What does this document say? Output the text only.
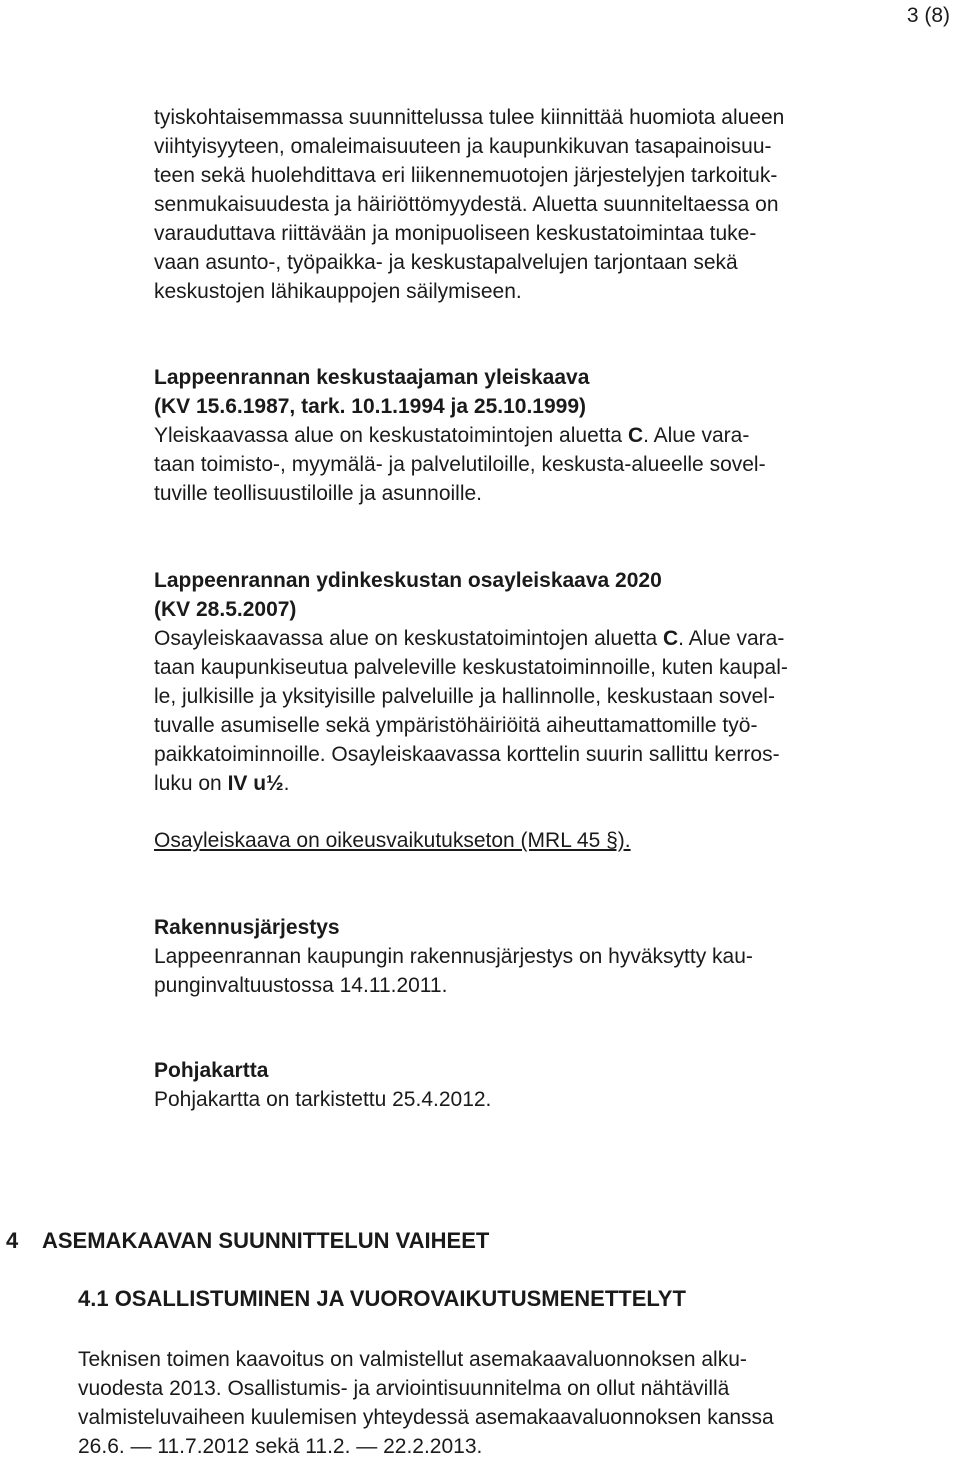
3 (8)
tyiskohtaisemmassa suunnittelussa tulee kiinnittää huomiota alueen
viihtyisyyteen, omaleimaisuuteen ja kaupunkikuvan tasapainoisuu-
teen sekä huolehdittava eri liikennemuotojen järjestelyjen tarkoituk-
senmukaisuudesta ja häiriöttömyydestä. Aluetta suunniteltaessa on
varauduttava riittävään ja monipuoliseen keskustatoimintaa tuke-
vaan asunto-, työpaikka- ja keskustapalvelujen tarjontaan sekä
keskustojen lähikauppojen säilymiseen.
Lappeenrannan keskustaajaman yleiskaava
(KV 15.6.1987, tark. 10.1.1994 ja 25.10.1999)
Yleiskaavassa alue on keskustatoimintojen aluetta C. Alue vara-
taan toimisto-, myymälä- ja palvelutiloille, keskusta-alueelle sovel-
tuville teollisuustiloille ja asunnoille.
Lappeenrannan ydinkeskustan osayleiskaava 2020
(KV 28.5.2007)
Osayleiskaavassa alue on keskustatoimintojen aluetta C. Alue vara-
taan kaupunkiseutua palveleville keskustatoiminnoille, kuten kaupal-
le, julkisille ja yksityisille palveluille ja hallinnolle, keskustaan sovel-
tuvalle asumiselle sekä ympäristöhäiriöitä aiheuttamattomille työ-
paikkatoiminnoille. Osayleiskaavassa korttelin suurin sallittu kerros-
luku on IV u½.
Osayleiskaava on oikeusvaikutukseton (MRL 45 §).
Rakennusjärjestys
Lappeenrannan kaupungin rakennusjärjestys on hyväksytty kau-
punginvaltuustossa 14.11.2011.
Pohjakartta
Pohjakartta on tarkistettu 25.4.2012.
4 ASEMAKAAVAN SUUNNITTELUN VAIHEET
4.1 OSALLISTUMINEN JA VUOROVAIKUTUSMENETTELYT
Teknisen toimen kaavoitus on valmistellut asemakaavaluonnoksen alku-
vuodesta 2013. Osallistumis- ja arviointisuunnitelma on ollut nähtävillä
valmisteluvaiheen kuulemisen yhteydessä asemakaavaluonnoksen kanssa
26.6. — 11.7.2012 sekä 11.2. — 22.2.2013.
